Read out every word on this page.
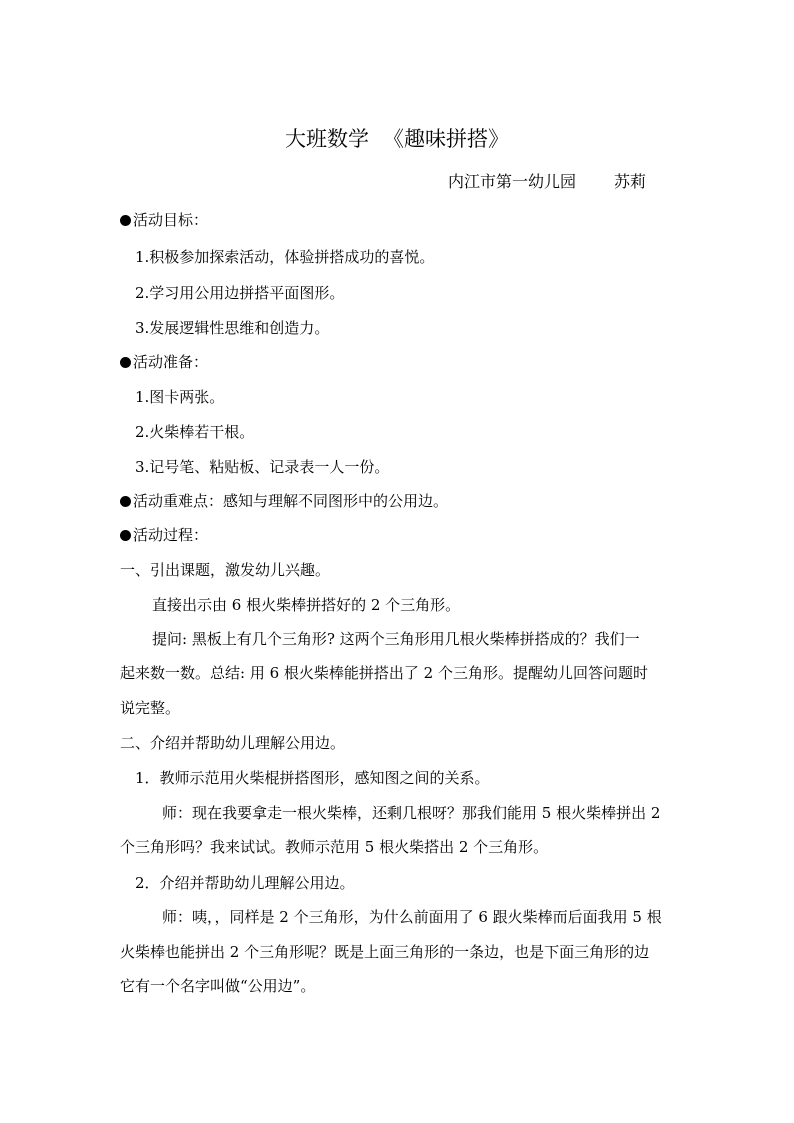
大班数学 《趣味拼搭》
内江市第一幼儿园 苏莉
活动目标：
1.积极参加探索活动，体验拼搭成功的喜悦。
2.学习用公用边拼搭平面图形。
3.发展逻辑性思维和创造力。
活动准备：
1.图卡两张。
2.火柴棒若干根。
3.记号笔、粘贴板、记录表一人一份。
活动重难点：感知与理解不同图形中的公用边。
活动过程：
一、引出课题，激发幼儿兴趣。
直接出示由 6 根火柴棒拼搭好的 2 个三角形。
提问: 黑板上有几个三角形? 这两个三角形用几根火柴棒拼搭成的？我们一
起来数一数。总结: 用 6 根火柴棒能拼搭出了 2 个三角形。提醒幼儿回答问题时
说完整。
二、介绍并帮助幼儿理解公用边。
1．教师示范用火柴棍拼搭图形，感知图之间的关系。
师：现在我要拿走一根火柴棒，还剩几根呀？那我们能用 5 根火柴棒拼出 2
个三角形吗？我来试试。教师示范用 5 根火柴搭出 2 个三角形。
2．介绍并帮助幼儿理解公用边。
师：咦，，同样是 2 个三角形，为什么前面用了 6 跟火柴棒而后面我用 5 根
火柴棒也能拼出 2 个三角形呢？既是上面三角形的一条边，也是下面三角形的边
它有一个名字叫做“公用边”。
